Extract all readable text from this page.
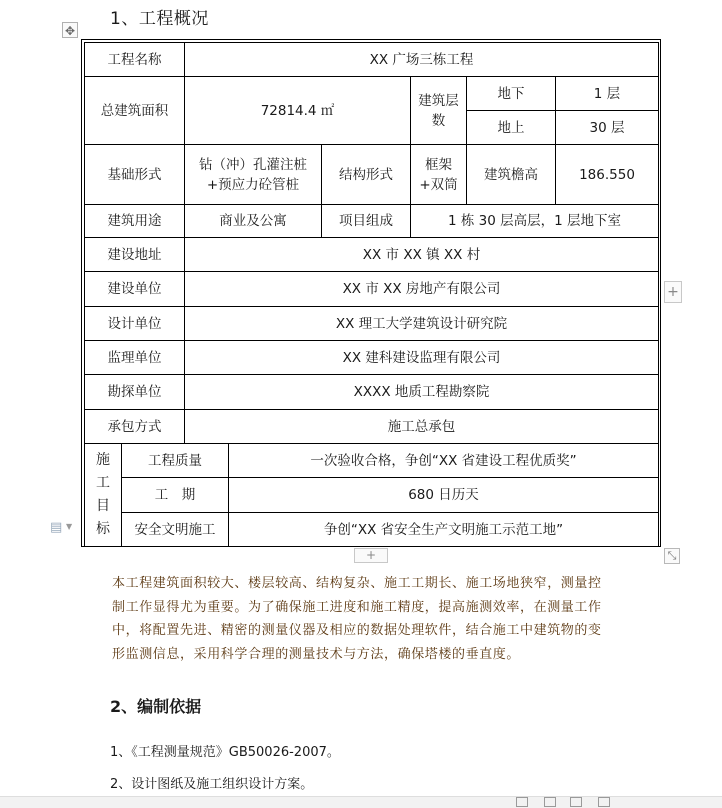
1、工程概况
✥
工程名称		XX 广场三栋工程					
总建筑面积		72814.4 ㎡			建筑层数	地下	1 层
						地上	30 层
基础形式		钻（冲）孔灌注桩+预应力砼管桩		结构形式	框架+双筒	建筑檐高	186.550
建筑用途		商业及公寓		项目组成	1 栋 30 层高层，1 层地下室		
建设地址		XX 市 XX 镇 XX 村					
建设单位		XX 市 XX 房地产有限公司					
设计单位		XX 理工大学建筑设计研究院					
监理单位		XX 建科建设监理有限公司					
勘探单位		XXXX 地质工程勘察院					
承包方式		施工总承包					

施工目标	工程质量		一次验收合格，争创“XX 省建设工程优质奖”				
	工　期		680 日历天				
	安全文明施工		争创“XX 省安全生产文明施工示范工地”				
+
+	⤡
▤ ▼
本工程建筑面积较大、楼层较高、结构复杂、施工工期长、施工场地狭窄，测量控
制工作显得尤为重要。为了确保施工进度和施工精度，提高施测效率，在测量工作
中，将配置先进、精密的测量仪器及相应的数据处理软件，结合施工中建筑物的变
形监测信息，采用科学合理的测量技术与方法，确保塔楼的垂直度。
2、编制依据
1、《工程测量规范》GB50026-2007。
2、设计图纸及施工组织设计方案。
